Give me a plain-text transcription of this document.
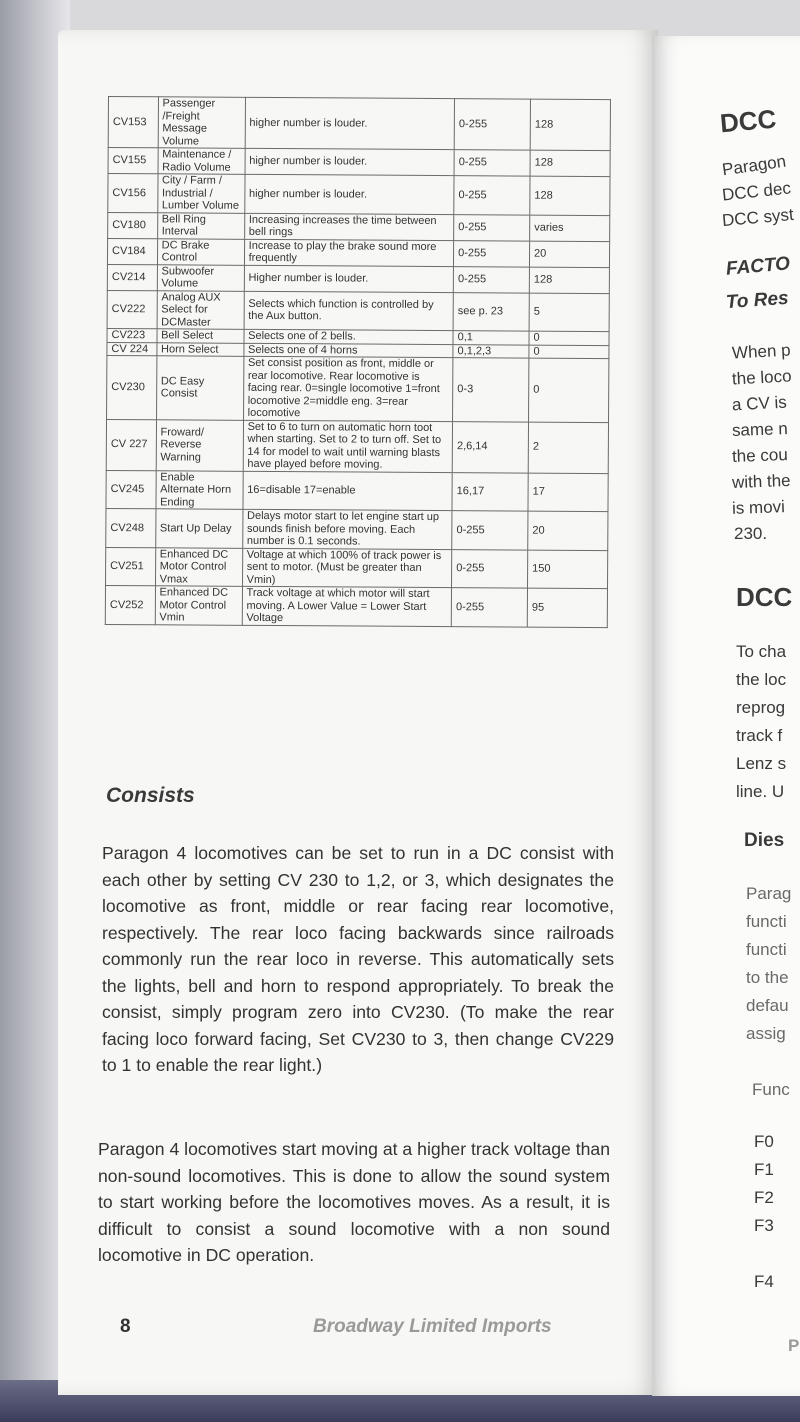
CV153	Passenger /Freight Message Volume	higher number is louder.	0-255	128
CV155	Maintenance / Radio Volume	higher number is louder.	0-255	128
CV156	City / Farm / Industrial / Lumber Volume	higher number is louder.	0-255	128
CV180	Bell Ring Interval	Increasing increases the time between bell rings	0-255	varies
CV184	DC Brake Control	Increase to play the brake sound more frequently	0-255	20
CV214	Subwoofer Volume	Higher number is louder.	0-255	128
CV222	Analog AUX Select for DCMaster	Selects which function is controlled by the Aux button.	see p. 23	5
CV223	Bell Select	Selects one of 2 bells.	0,1	0
CV 224	Horn Select	Selects one of 4 horns	0,1,2,3	0
CV230	DC Easy Consist	Set consist position as front, middle or rear locomotive. Rear locomotive is facing rear. 0=single locomotive 1=front locomotive 2=middle eng. 3=rear locomotive	0-3	0
CV 227	Froward/ Reverse Warning	Set to 6 to turn on automatic horn toot when starting. Set to 2 to turn off. Set to 14 for model to wait until warning blasts have played before moving.	2,6,14	2
CV245	Enable Alternate Horn Ending	16=disable 17=enable	16,17	17
CV248	Start Up Delay	Delays motor start to let engine start up sounds finish before moving. Each number is 0.1 seconds.	0-255	20
CV251	Enhanced DC Motor Control Vmax	Voltage at which 100% of track power is sent to motor. (Must be greater than Vmin)	0-255	150
CV252	Enhanced DC Motor Control Vmin	Track voltage at which motor will start moving. A Lower Value = Lower Start Voltage	0-255	95
Consists

Paragon 4 locomotives can be set to run in a DC consist with each other by setting CV 230 to 1,2, or 3, which designates the locomotive as front, middle or rear facing rear locomotive, respectively. The rear loco facing backwards since railroads commonly run the rear loco in reverse. This automatically sets the lights, bell and horn to respond appropriately. To break the consist, simply program zero into CV230. (To make the rear facing loco forward facing, Set CV230 to 3, then change CV229 to 1 to enable the rear light.)

Paragon 4 locomotives start moving at a higher track voltage than non-sound locomotives. This is done to allow the sound system to start working before the locomotives moves. As a result, it is difficult to consist a sound locomotive with a non sound locomotive in DC operation.

8	Broadway Limited Imports
DCC
Paragon
DCC dec
DCC syst
FACTO
To Res
When p
the loco
a CV is
same n
the cou
with the
is movi
230.
DCC
To cha
the loc
reprog
track f
Lenz s
line. U
Dies
Parag
functi
functi
to the
defau
assig
Func
F0
F1
F2
F3
F4
P
